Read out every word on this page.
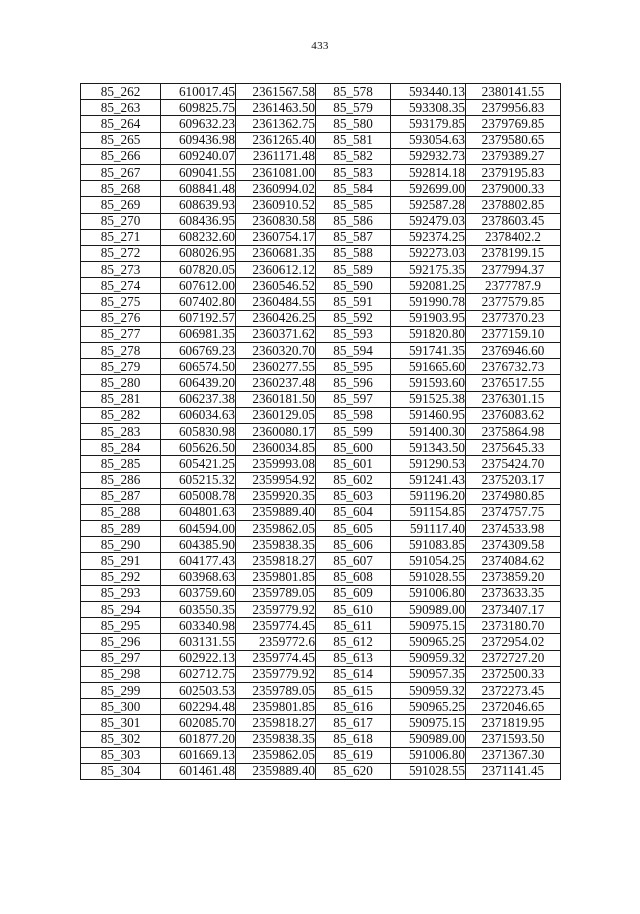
433
85_262	610017.45	2361567.58	85_578	593440.13	2380141.55
85_263	609825.75	2361463.50	85_579	593308.35	2379956.83
85_264	609632.23	2361362.75	85_580	593179.85	2379769.85
85_265	609436.98	2361265.40	85_581	593054.63	2379580.65
85_266	609240.07	2361171.48	85_582	592932.73	2379389.27
85_267	609041.55	2361081.00	85_583	592814.18	2379195.83
85_268	608841.48	2360994.02	85_584	592699.00	2379000.33
85_269	608639.93	2360910.52	85_585	592587.28	2378802.85
85_270	608436.95	2360830.58	85_586	592479.03	2378603.45
85_271	608232.60	2360754.17	85_587	592374.25	2378402.2
85_272	608026.95	2360681.35	85_588	592273.03	2378199.15
85_273	607820.05	2360612.12	85_589	592175.35	2377994.37
85_274	607612.00	2360546.52	85_590	592081.25	2377787.9
85_275	607402.80	2360484.55	85_591	591990.78	2377579.85
85_276	607192.57	2360426.25	85_592	591903.95	2377370.23
85_277	606981.35	2360371.62	85_593	591820.80	2377159.10
85_278	606769.23	2360320.70	85_594	591741.35	2376946.60
85_279	606574.50	2360277.55	85_595	591665.60	2376732.73
85_280	606439.20	2360237.48	85_596	591593.60	2376517.55
85_281	606237.38	2360181.50	85_597	591525.38	2376301.15
85_282	606034.63	2360129.05	85_598	591460.95	2376083.62
85_283	605830.98	2360080.17	85_599	591400.30	2375864.98
85_284	605626.50	2360034.85	85_600	591343.50	2375645.33
85_285	605421.25	2359993.08	85_601	591290.53	2375424.70
85_286	605215.32	2359954.92	85_602	591241.43	2375203.17
85_287	605008.78	2359920.35	85_603	591196.20	2374980.85
85_288	604801.63	2359889.40	85_604	591154.85	2374757.75
85_289	604594.00	2359862.05	85_605	591117.40	2374533.98
85_290	604385.90	2359838.35	85_606	591083.85	2374309.58
85_291	604177.43	2359818.27	85_607	591054.25	2374084.62
85_292	603968.63	2359801.85	85_608	591028.55	2373859.20
85_293	603759.60	2359789.05	85_609	591006.80	2373633.35
85_294	603550.35	2359779.92	85_610	590989.00	2373407.17
85_295	603340.98	2359774.45	85_611	590975.15	2373180.70
85_296	603131.55	2359772.6	85_612	590965.25	2372954.02
85_297	602922.13	2359774.45	85_613	590959.32	2372727.20
85_298	602712.75	2359779.92	85_614	590957.35	2372500.33
85_299	602503.53	2359789.05	85_615	590959.32	2372273.45
85_300	602294.48	2359801.85	85_616	590965.25	2372046.65
85_301	602085.70	2359818.27	85_617	590975.15	2371819.95
85_302	601877.20	2359838.35	85_618	590989.00	2371593.50
85_303	601669.13	2359862.05	85_619	591006.80	2371367.30
85_304	601461.48	2359889.40	85_620	591028.55	2371141.45
